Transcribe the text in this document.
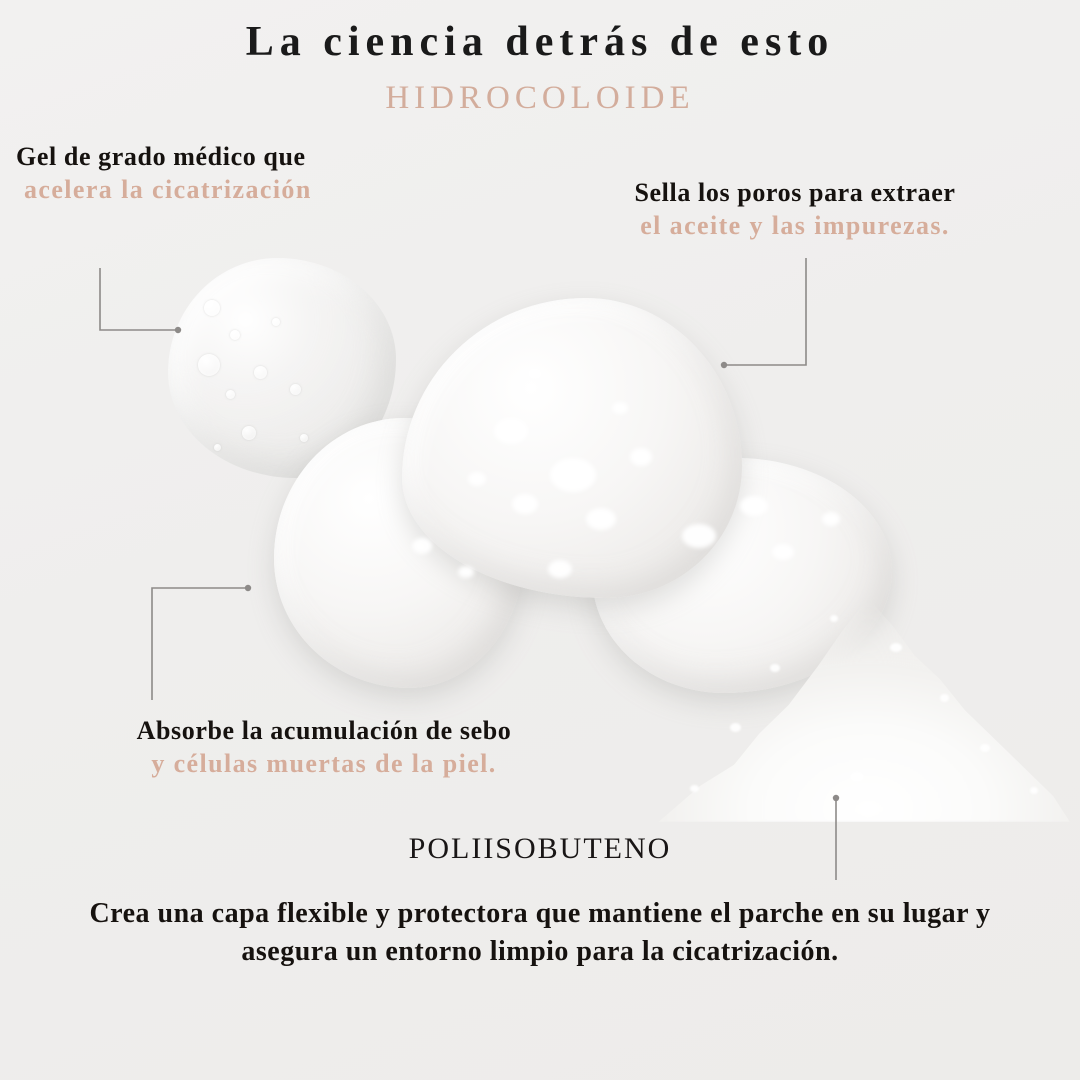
La ciencia detrás de esto
HIDROCOLOIDE
Gel de grado médico que
acelera la cicatrización	Sella los poros para extraer
el aceite y las impurezas.
Absorbe la acumulación de sebo
y células muertas de la piel.
POLIISOBUTENO
Crea una capa flexible y protectora que mantiene el parche en su lugar y asegura un entorno limpio para la cicatrización.
